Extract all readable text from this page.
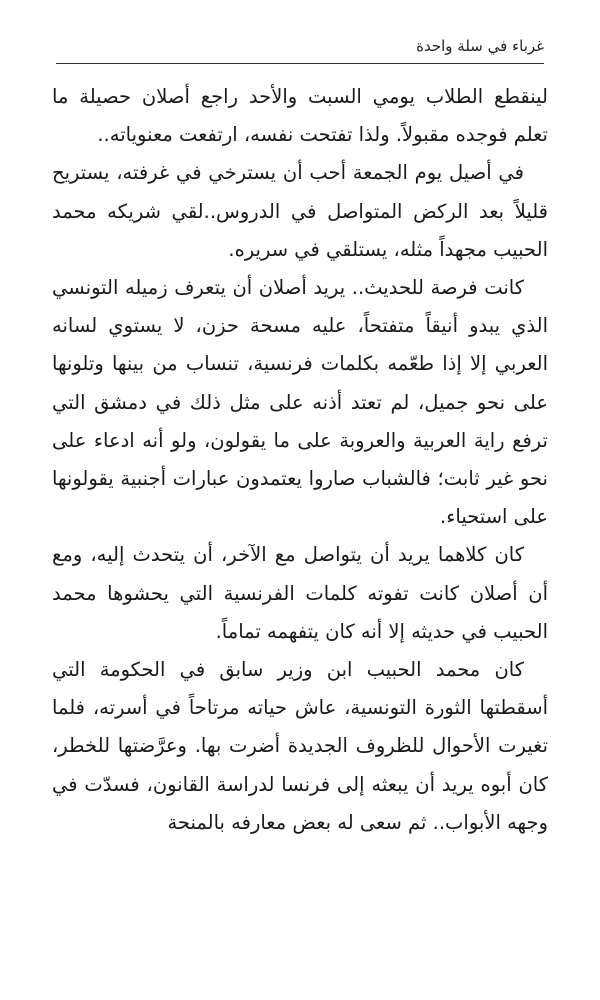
غرباء في سلة واحدة

لينقطع الطلاب يومي السبت والأحد راجع أصلان حصيلة ما تعلم فوجده مقبولاً. ولذا تفتحت نفسه، ارتفعت معنوياته..

في أصيل يوم الجمعة أحب أن يسترخي في غرفته، يستريح قليلاً بعد الركض المتواصل في الدروس..لقي شريكه محمد الحبيب مجهداً مثله، يستلقي في سريره.

كانت فرصة للحديث.. يريد أصلان أن يتعرف زميله التونسي الذي يبدو أنيقاً متفتحاً، عليه مسحة حزن، لا يستوي لسانه العربي إلا إذا طعّمه بكلمات فرنسية، تنساب من بينها وتلونها على نحو جميل، لم تعتد أذنه على مثل ذلك في دمشق التي ترفع راية العربية والعروبة على ما يقولون، ولو أنه ادعاء على نحو غير ثابت؛ فالشباب صاروا يعتمدون عبارات أجنبية يقولونها على استحياء.

كان كلاهما يريد أن يتواصل مع الآخر، أن يتحدث إليه، ومع أن أصلان كانت تفوته كلمات الفرنسية التي يحشوها محمد الحبيب في حديثه إلا أنه كان يتفهمه تماماً.

كان محمد الحبيب ابن وزير سابق في الحكومة التي أسقطتها الثورة التونسية، عاش حياته مرتاحاً في أسرته، فلما تغيرت الأحوال للظروف الجديدة أضرت بها. وعرَّضتها للخطر، كان أبوه يريد أن يبعثه إلى فرنسا لدراسة القانون، فسدّت في وجهه الأبواب.. ثم سعى له بعض معارفه بالمنحة
